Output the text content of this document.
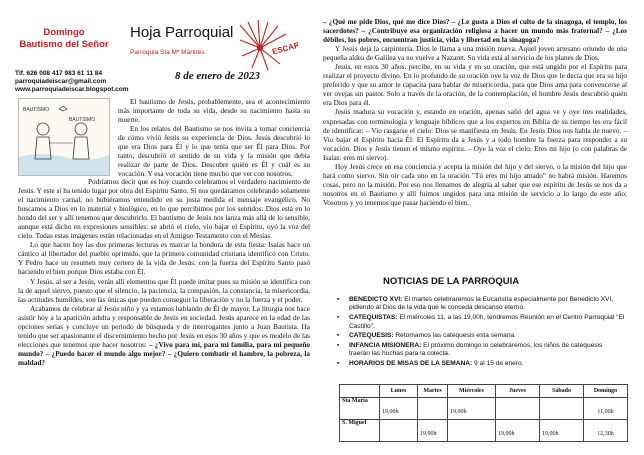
Domingo
Bautismo del Señor
Hoja Parroquial
Parroquia Sta Mª Mártires	ESCAR
Tlf. 626 008 417 983 61 11 84
parroquiadeiscar@gmail.com
www.parroquiadeiscar.blogspot.com
8 de enero de 2023
BAUTISMO
BAUTISMO

El bautismo de Jesús, probablemente, sea el acontecimiento más importante de toda su vida, desde su nacimiento hasta su muerte.

En los relatos del Bautismo se nos invita a tomar conciencia de cómo vivió Jesús su experiencia de Dios. Jesús descubrió lo que era Dios para Él y lo que tenía que ser Él para Dios. Por tanto, descubrió el sentido de su vida y la misión que debía realizar de parte de Dios. Descubre quién es Él y cuál es su vocación. Y esa vocación tiene mucho que ver con nosotros.

Podríamos decir que es hoy cuando celebramos el verdadero nacimiento de Jesús. Y este sí ha tenido lugar por obra del Espíritu Santo. Si nos quedáramos celebrando solamente el nacimiento carnal, no hubiéramos entendido en su justa medida el mensaje evangélico. No buscamos a Dios en lo material y biológico, en lo que percibimos por los sentidos: Dios está en lo hondo del ser y allí tenemos que descubrirlo. El bautismo de Jesús nos lanza más allá de lo sensible, aunque está dicho en expresiones sensibles: se abrió el cielo, vio bajar el Espíritu, oyó la voz del cielo. Todas estas imágenes están relacionadas en el Antiguo Testamento con el Mesías.

Lo que hacen hoy las dos primeras lecturas es marcar la hondura de esta fiesta: Isaías hace un cántico al libertador del pueblo oprimido, que la primera comunidad cristiana identificó con Cristo. Y Pedro hace un resumen muy certero de la vida de Jesús: con la fuerza del Espíritu Santo pasó haciendo el bien porque Dios estaba con Él.

Y Jesús, al ser a Jesús, verán allí elementos que Él puede imitar pues su misión se identifica con la de aquel siervo, puesto que el silencio, la paciencia, la compasión, la constancia, la misericordia, las actitudes humildes, son las únicas que pueden conseguir la liberación y no la fuerza y el poder.

Acabamos de celebrar al Jesús niño y ya estamos hablando de Él de mayor. La liturgia nos hace asistir hoy a la aparición adulta y responsable de Jesús en sociedad. Jesús aparece en la edad de las opciones serias y concluye un periodo de búsqueda y de interrogantes junto a Juan Bautista. Ha tenido que ser apasionante el discernimiento hecho por Jesús en esos 30 años y que es modelo de las elecciones que tenemos que hacer nosotros: – ¿Vivo para mí, para mi familia, para mi pequeño mundo? – ¿Puedo hacer el mundo algo mejor? – ¿Quiero combatir el hambre, la pobreza, la maldad?

– ¿Qué me pide Dios, qué me dice Dios? – ¿Le gusta a Dios el culto de la sinagoga, el templo, los sacerdotes? – ¿Contribuye esa organización religiosa a hacer un mundo más fraternal? – ¿Los débiles, los pobres, encuentran justicia, vida y libertad en la sinagoga?

Y Jesús deja la carpintería. Dios le llama a una misión nueva. Aquel joven artesano oriundo de una pequeña aldea de Galilea ya no vuelve a Nazaret. Su vida está al servicio de los planes de Dios.

Jesús, en estos 30 años, percibe, en su vida y en su oración, que está ungido por el Espíritu para realizar el proyecto divino. En lo profundo de su oración oye la voz de Dios que le decía que era su hijo preferido y que su amor le capacita para hablar de misericordia, para que Dios ama para convencerse al ver ovejas sin pastor. Solo a través de la oración, de la contemplación, el hombre Jesús descubrió quién era Dios para él.

Jesús madura su vocación y, estando en oración, apenas salió del agua ve y oye tres realidades, expresadas con terminología y lenguaje bíblicos que a los expertos en Biblia de su tiempo les era fácil de identificar: – Vio rasgarse el cielo: Dios se manifiesta en Jesús. En Jesús Dios nos habla de nuevo. – Vio bajar el Espíritu hacia Él: El Espíritu da a Jesús y a todo hombre la fuerza para responder a su vocación. Dios y Jesús tienen el mismo espíritu. – Oye la voz el cielo: Eres mi hijo (o con palabras de Isaías: eres mi siervo).

Hoy Jesús crece en esa conciencia y acepta la misión del hijo y del siervo, o la misión del hijo que hará como siervo. Sin oír cada uno en la oración "Tú eres mi hijo amado" no habrá misión. Haremos cosas, pero no la misión. Por eso nos llenamos de alegría al saber que ese espíritu de Jesús se nos da a nosotros en el Bautismo y allí fuimos ungidos para una misión de servicio a lo largo de este año: Vosotros y yo tenemos que pasar haciendo el bien.

NOTICIAS DE LA PARROQUIA
▪ BENEDICTO XVI: El martes celebraremos la Eucaristía especialmente por Benedicto XVI, pidiendo al Dios de la vida que le conceda descanso eterno.
▪ CATEQUISTAS: El miércoles 11, a las 19,00h, tendremos Reunión en el Centro Parroquial "El Castillo".
▪ CATEQUESIS: Retomamos las catequesis esta semana.
▪ INFANCIA MISIONERA: El próximo domingo lo celebraremos, los niños de catequesis traerán las huchas para la colecta.
▪ HORARIOS DE MISAS DE LA SEMANA: 9 al 15 de enero.
	Lunes	Martes	Miércoles	Jueves	Sábado	Domingo
Sta María	19,00h		19,00h			11,00h
S. Miguel		19,00h		19,00h	19,00h	12,30h
